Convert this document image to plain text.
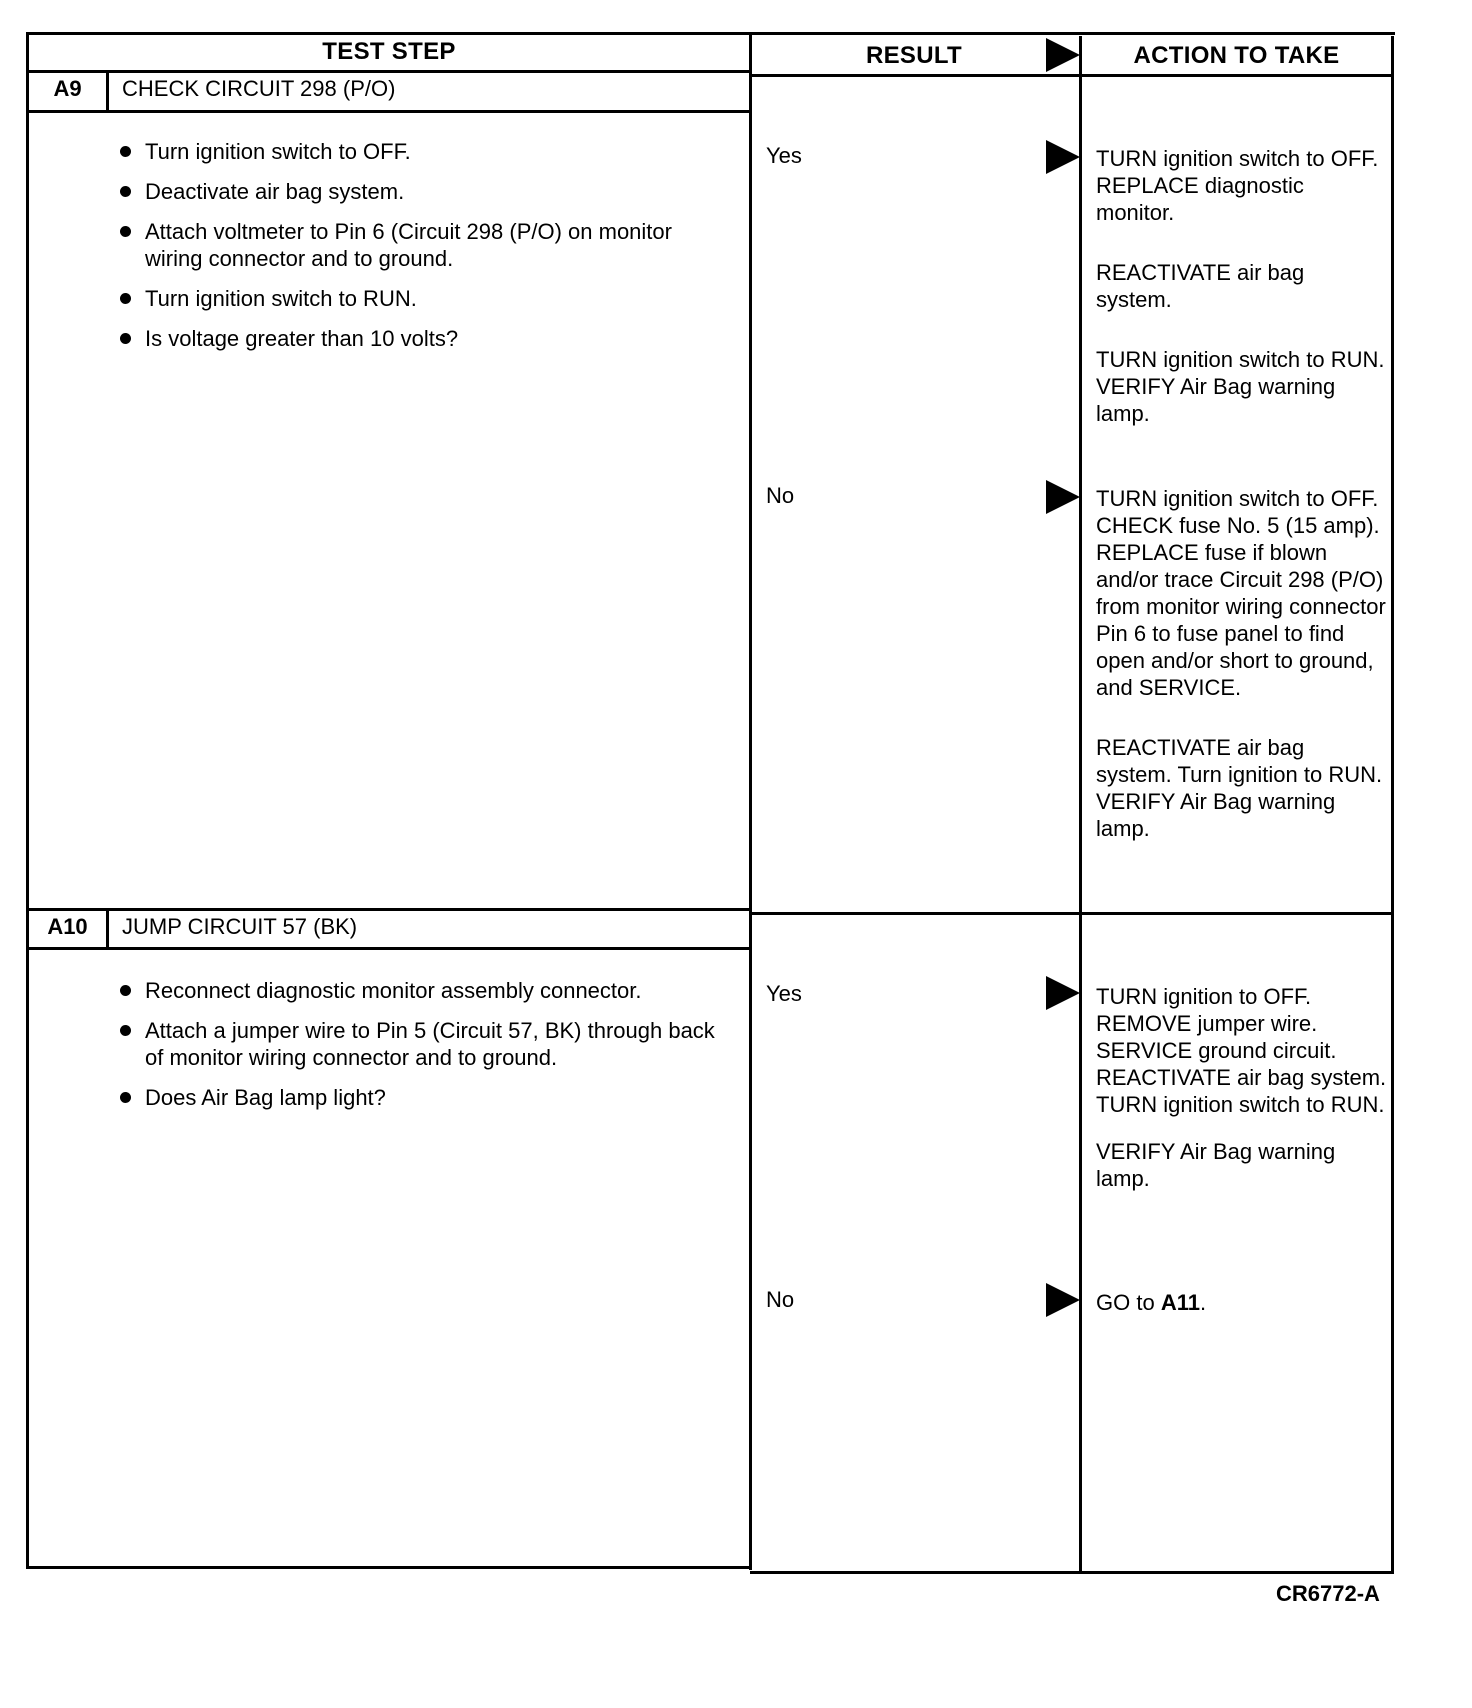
TEST STEP	RESULT	ACTION TO TAKE
A9	CHECK CIRCUIT 298 (P/O)
Turn ignition switch to OFF.
Deactivate air bag system.
Attach voltmeter to Pin 6 (Circuit 298 (P/O) on monitor wiring connector and to ground.
Turn ignition switch to RUN.
Is voltage greater than 10 volts?
Yes	TURN ignition switch to OFF. REPLACE diagnostic monitor.

REACTIVATE air bag system.

TURN ignition switch to RUN. VERIFY Air Bag warning lamp.

No	TURN ignition switch to OFF. CHECK fuse No. 5 (15 amp). REPLACE fuse if blown and/or trace Circuit 298 (P/O) from monitor wiring connector Pin 6 to fuse panel to find open and/or short to ground, and SERVICE.

REACTIVATE air bag system. Turn ignition to RUN. VERIFY Air Bag warning lamp.

A10	JUMP CIRCUIT 57 (BK)
Reconnect diagnostic monitor assembly connector.
Attach a jumper wire to Pin 5 (Circuit 57, BK) through back of monitor wiring connector and to ground.
Does Air Bag lamp light?
Yes	TURN ignition to OFF. REMOVE jumper wire. SERVICE ground circuit. REACTIVATE air bag system. TURN ignition switch to RUN.

VERIFY Air Bag warning lamp.

No	GO to A11.

CR6772-A
